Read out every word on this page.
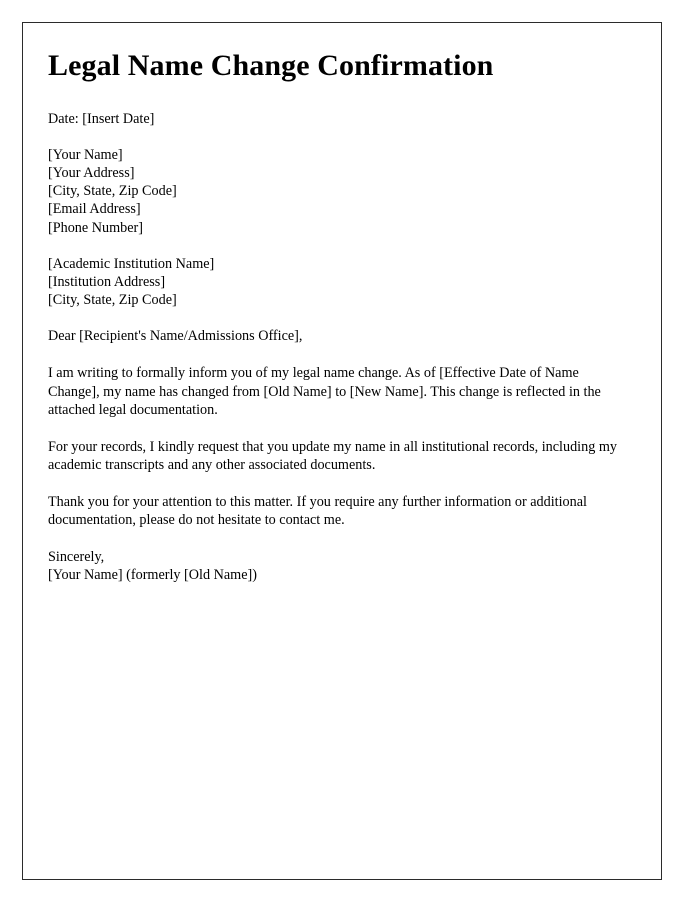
Legal Name Change Confirmation

Date: [Insert Date]

[Your Name]
[Your Address]
[City, State, Zip Code]
[Email Address]
[Phone Number]

[Academic Institution Name]
[Institution Address]
[City, State, Zip Code]

Dear [Recipient's Name/Admissions Office],

I am writing to formally inform you of my legal name change. As of [Effective Date of Name Change], my name has changed from [Old Name] to [New Name]. This change is reflected in the attached legal documentation.

For your records, I kindly request that you update my name in all institutional records, including my academic transcripts and any other associated documents.

Thank you for your attention to this matter. If you require any further information or additional documentation, please do not hesitate to contact me.

Sincerely,
[Your Name] (formerly [Old Name])
